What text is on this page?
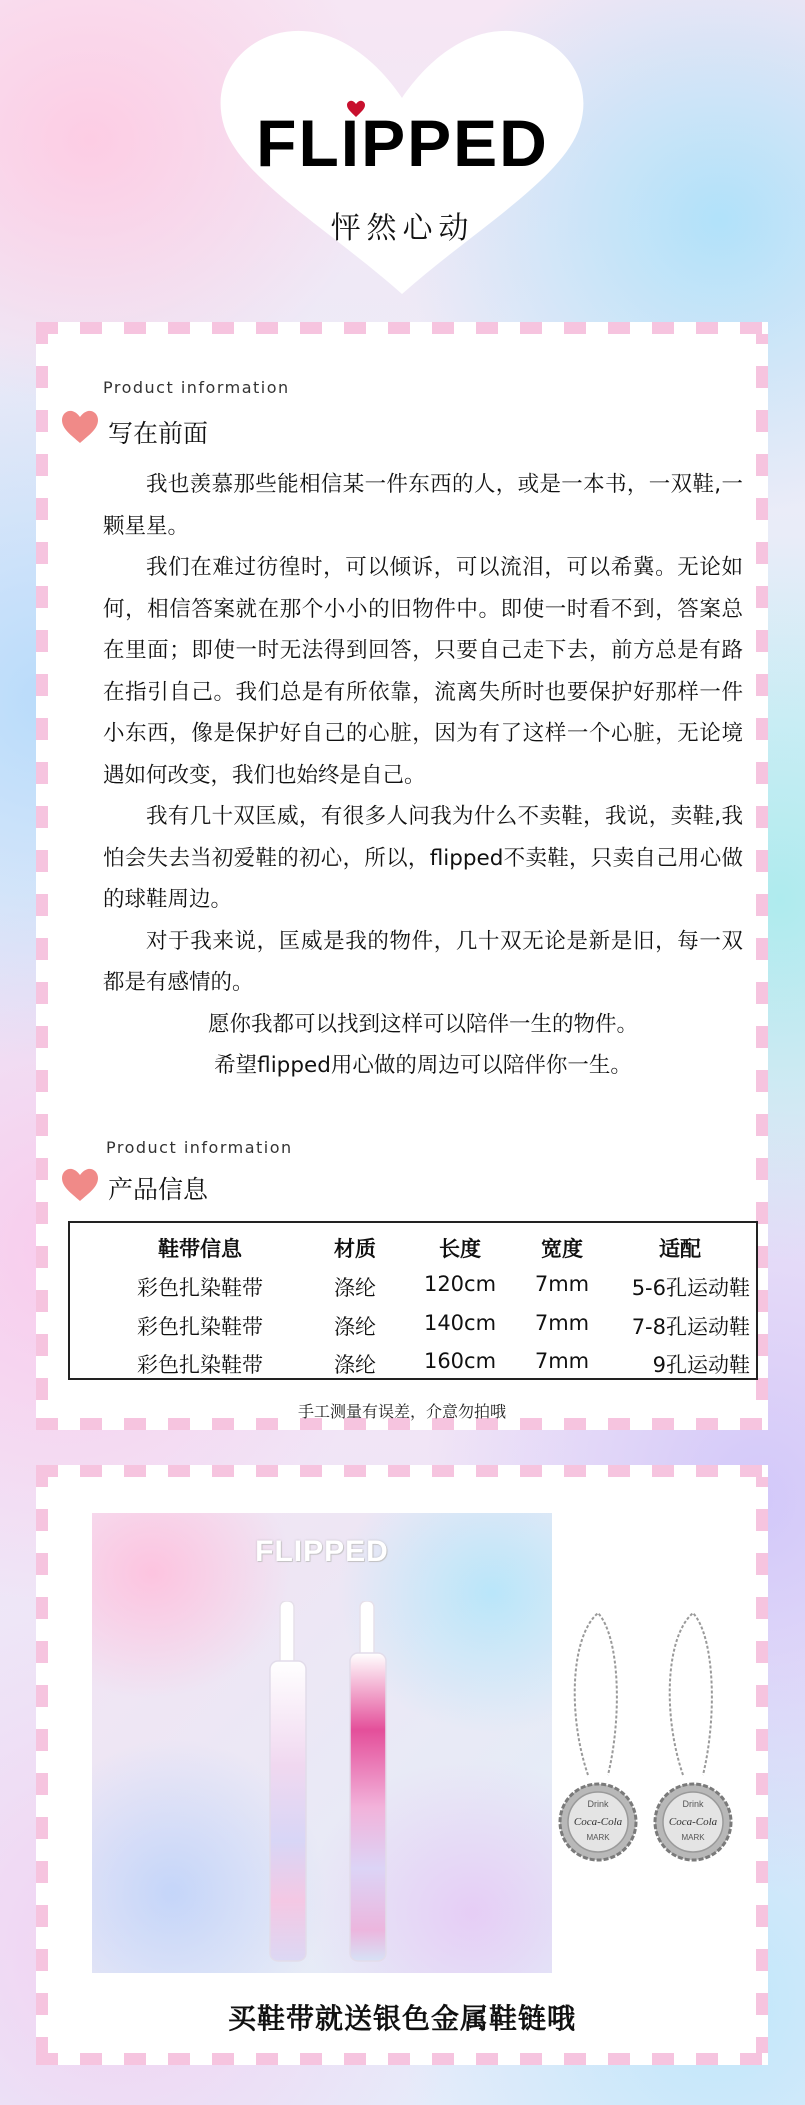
FLIPPED
怦然心动
Product information
写在前面

我也羡慕那些能相信某一件东西的人，或是一本书，一双鞋,一颗星星。

我们在难过彷徨时，可以倾诉，可以流泪，可以希冀。无论如何，相信答案就在那个小小的旧物件中。即使一时看不到，答案总在里面；即使一时无法得到回答，只要自己走下去，前方总是有路在指引自己。我们总是有所依靠，流离失所时也要保护好那样一件小东西，像是保护好自己的心脏，因为有了这样一个心脏，无论境遇如何改变，我们也始终是自己。

我有几十双匡威，有很多人问我为什么不卖鞋，我说，卖鞋,我怕会失去当初爱鞋的初心，所以，flipped不卖鞋，只卖自己用心做的球鞋周边。

对于我来说，匡威是我的物件，几十双无论是新是旧，每一双都是有感情的。

愿你我都可以找到这样可以陪伴一生的物件。

希望flipped用心做的周边可以陪伴你一生。

Product information
产品信息
鞋带信息	材质	长度	宽度	适配
彩色扎染鞋带	涤纶	120cm	7mm	5-6孔运动鞋
彩色扎染鞋带	涤纶	140cm	7mm	7-8孔运动鞋
彩色扎染鞋带	涤纶	160cm	7mm	9孔运动鞋
手工测量有误差，介意勿拍哦
FLIPPED
Drink
Coca-Cola
MARK
Drink
Coca-Cola
MARK
买鞋带就送银色金属鞋链哦
